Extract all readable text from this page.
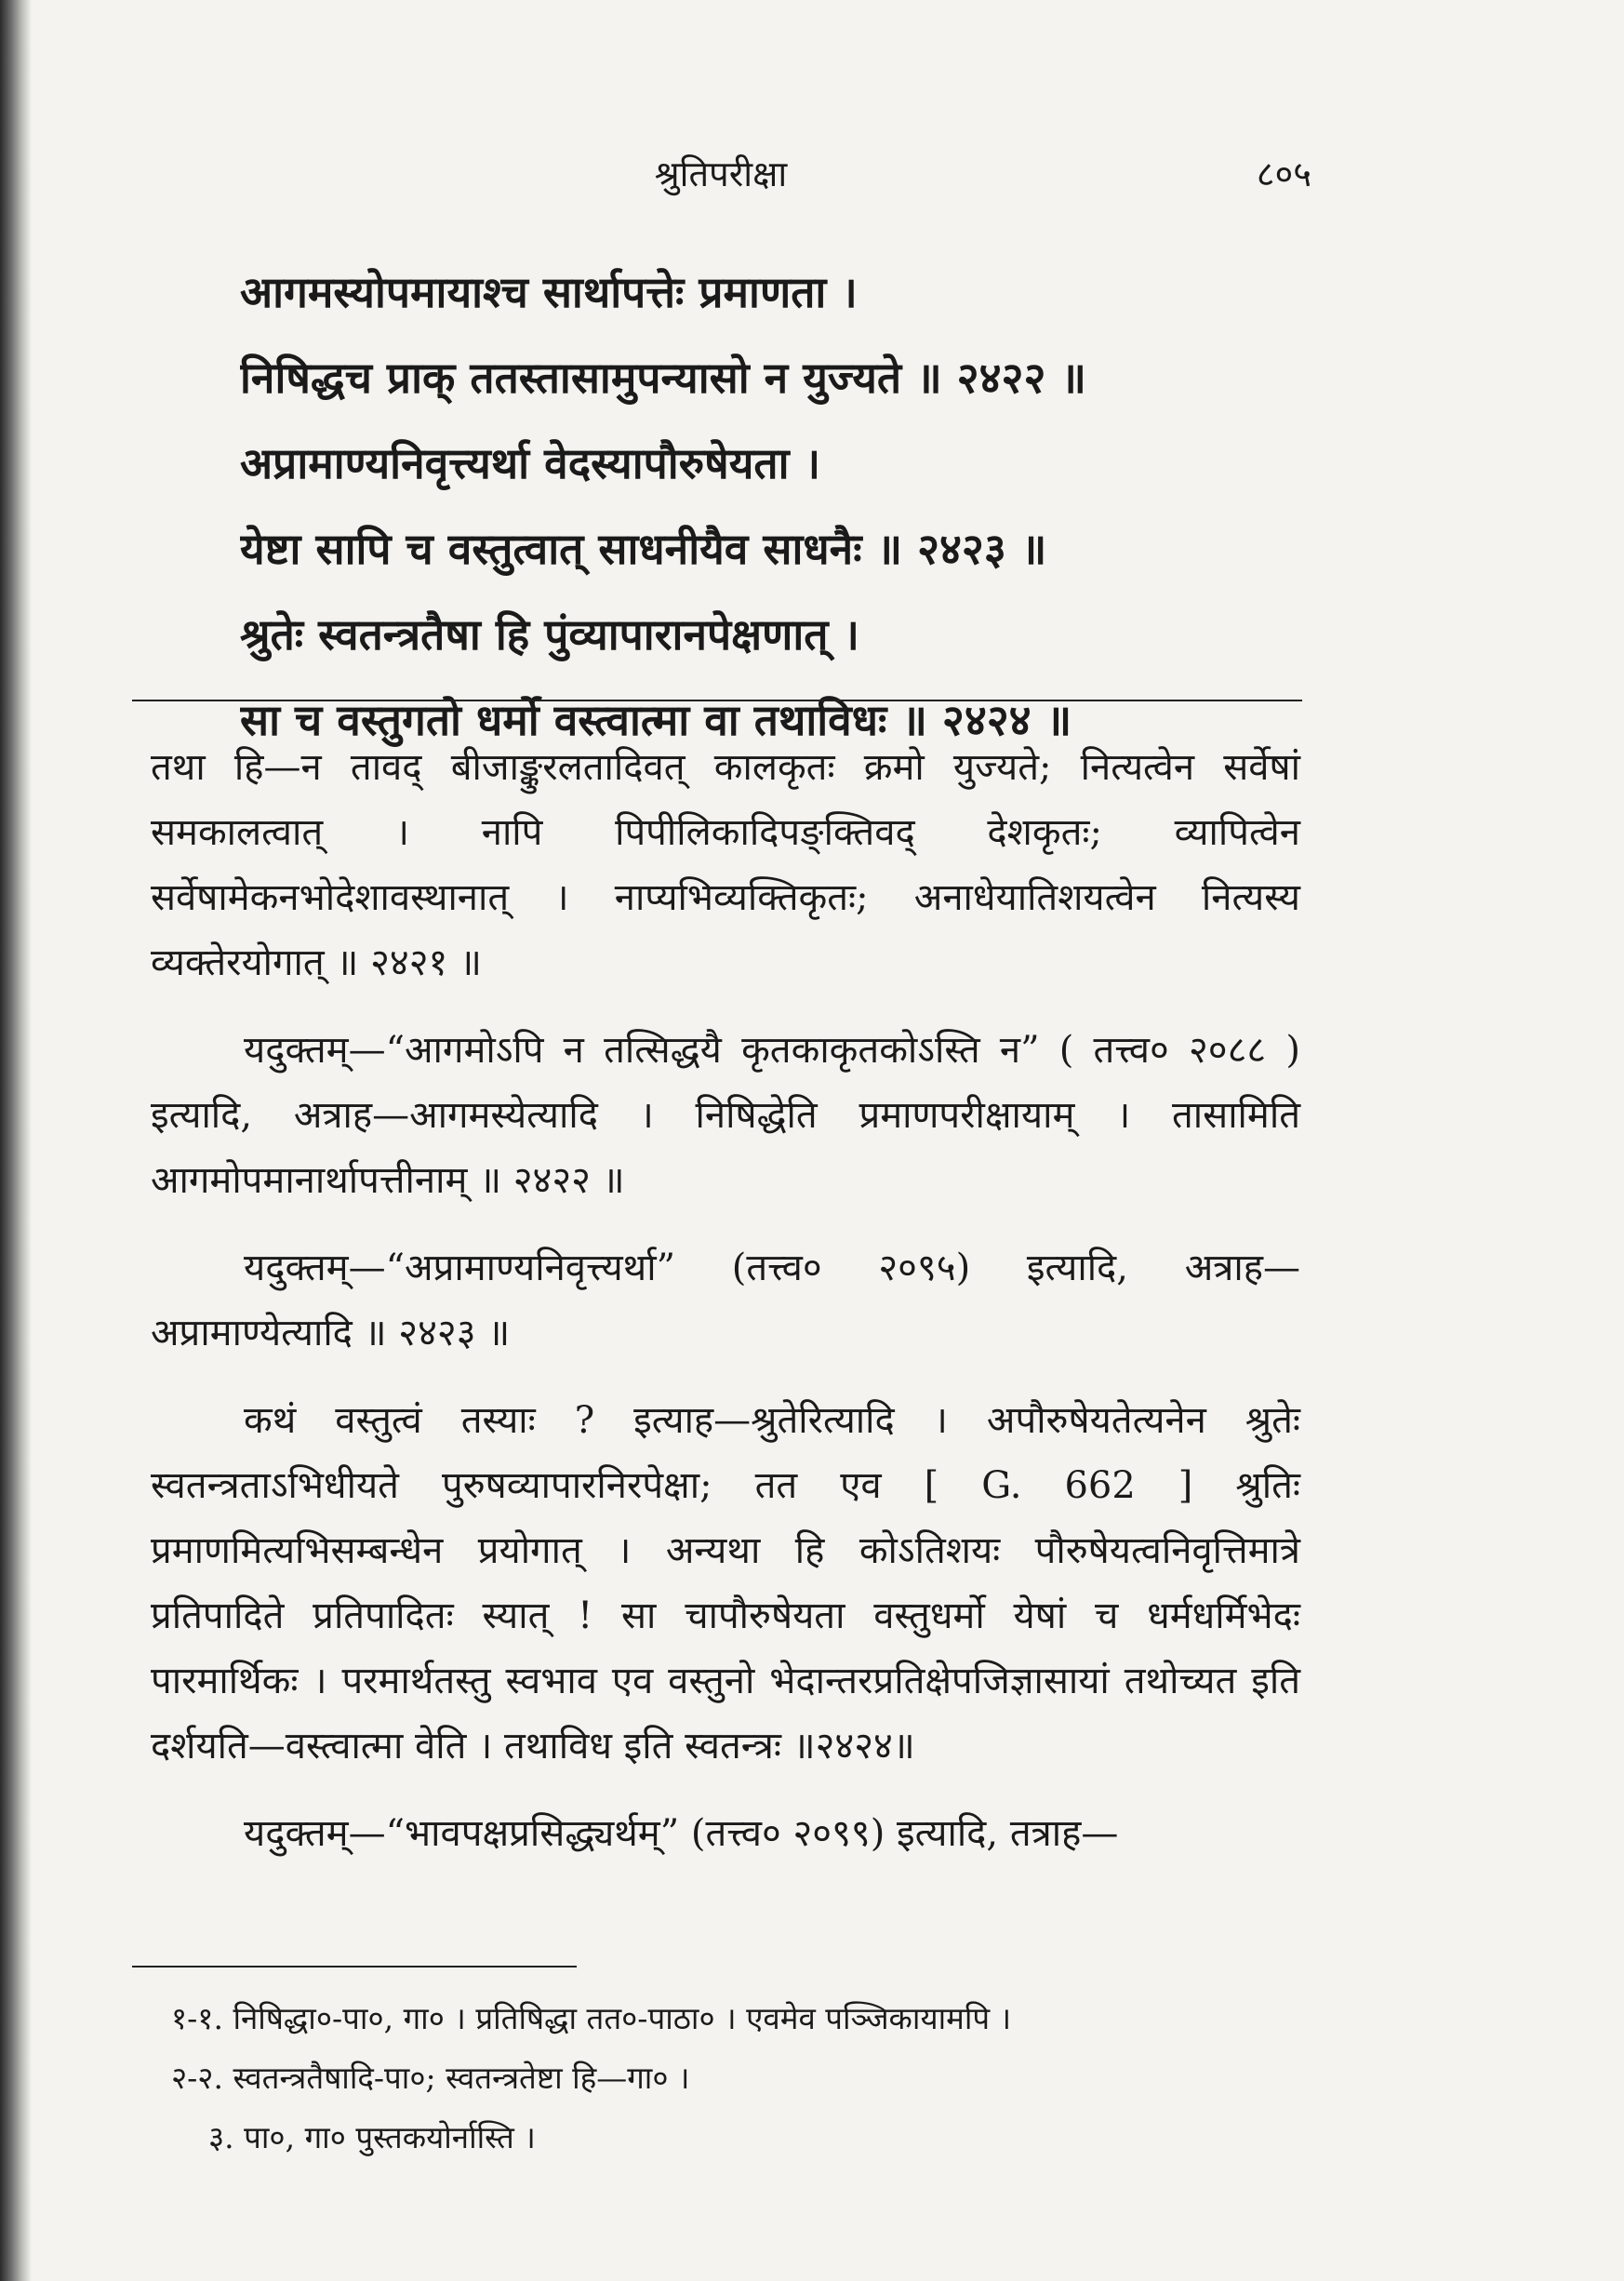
श्रुतिपरीक्षा	८०५
आगमस्योपमायाश्च सार्थापत्तेः प्रमाणता ।
निषिद्धच प्राक् ततस्तासामुपन्यासो न युज्यते ॥ २४२२ ॥
अप्रामाण्यनिवृत्त्यर्था वेदस्यापौरुषेयता ।
येष्टा सापि च वस्तुत्वात् साधनीयैव साधनैः ॥ २४२३ ॥
श्रुतेः स्वतन्त्रतैषा हि पुंव्यापारानपेक्षणात् ।
सा च वस्तुगतो धर्मो वस्त्वात्मा वा तथाविधः ॥ २४२४ ॥

तथा हि—न तावद् बीजाङ्कुरलतादिवत् कालकृतः क्रमो युज्यते; नित्यत्वेन सर्वेषां समकालत्वात् । नापि पिपीलिकादिपङ्क्तिवद् देशकृतः; व्यापित्वेन सर्वेषामेकनभोदेशावस्थानात् । नाप्यभिव्यक्तिकृतः; अनाधेयातिशयत्वेन नित्यस्य व्यक्तेरयोगात् ॥ २४२१ ॥

यदुक्तम्—“आगमोऽपि न तत्सिद्धयै कृतकाकृतकोऽस्ति न” ( तत्त्व० २०८८ ) इत्यादि, अत्राह—आगमस्येत्यादि । निषिद्धेति प्रमाणपरीक्षायाम् । तासामिति आगमोपमानार्थापत्तीनाम् ॥ २४२२ ॥

यदुक्तम्—“अप्रामाण्यनिवृत्त्यर्था” (तत्त्व० २०९५) इत्यादि, अत्राह—अप्रामाण्येत्यादि ॥ २४२३ ॥

कथं वस्तुत्वं तस्याः ? इत्याह—श्रुतेरित्यादि । अपौरुषेयतेत्यनेन श्रुतेः स्वतन्त्रताऽभिधीयते पुरुषव्यापारनिरपेक्षा; तत एव [ G. 662 ] श्रुतिः प्रमाणमित्यभिसम्बन्धेन प्रयोगात् । अन्यथा हि कोऽतिशयः पौरुषेयत्वनिवृत्तिमात्रे प्रतिपादिते प्रतिपादितः स्यात् ! सा चापौरुषेयता वस्तुधर्मो येषां च धर्मधर्मिभेदः पारमार्थिकः । परमार्थतस्तु स्वभाव एव वस्तुनो भेदान्तरप्रतिक्षेपजिज्ञासायां तथोच्यत इति दर्शयति—वस्त्वात्मा वेति । तथाविध इति स्वतन्त्रः ॥२४२४॥

यदुक्तम्—“भावपक्षप्रसिद्ध्यर्थम्” (तत्त्व० २०९९) इत्यादि, तत्राह—

१-१. निषिद्धा०-पा०, गा० । प्रतिषिद्धा तत०-पाठा० । एवमेव पञ्जिकायामपि ।
२-२. स्वतन्त्रतैषादि-पा०; स्वतन्त्रतेष्टा हि—गा० ।
३. पा०, गा० पुस्तकयोर्नास्ति ।
